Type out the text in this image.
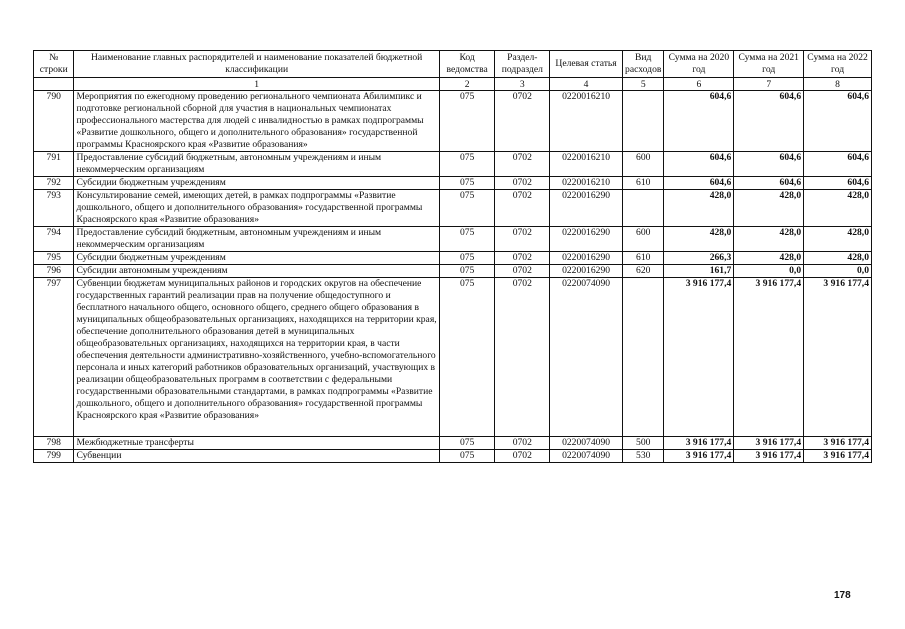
№ строки	Наименование главных распорядителей и наименование показателей бюджетной классификации	Код ведомства	Раздел- подраздел	Целевая статья	Вид расходов	Сумма на 2020 год	Сумма на 2021 год	Сумма на 2022 год
	1	2	3	4	5	6	7	8
790	Мероприятия по ежегодному проведению регионального чемпионата Абилимпикс и подготовке региональной сборной для участия в национальных чемпионатах профессионального мастерства для людей с инвалидностью в рамках подпрограммы «Развитие дошкольного, общего и дополнительного образования» государственной программы Красноярского края «Развитие образования»	075	0702	0220016210		604,6	604,6	604,6
791	Предоставление субсидий бюджетным, автономным учреждениям и иным некоммерческим организациям	075	0702	0220016210	600	604,6	604,6	604,6
792	Субсидии бюджетным учреждениям	075	0702	0220016210	610	604,6	604,6	604,6
793	Консультирование семей, имеющих детей, в рамках подпрограммы «Развитие дошкольного, общего и дополнительного образования» государственной программы Красноярского края «Развитие образования»	075	0702	0220016290		428,0	428,0	428,0
794	Предоставление субсидий бюджетным, автономным учреждениям и иным некоммерческим организациям	075	0702	0220016290	600	428,0	428,0	428,0
795	Субсидии бюджетным учреждениям	075	0702	0220016290	610	266,3	428,0	428,0
796	Субсидии автономным учреждениям	075	0702	0220016290	620	161,7	0,0	0,0
797	Субвенции бюджетам муниципальных районов и городских округов на обеспечение государственных гарантий реализации прав на получение общедоступного и бесплатного начального общего, основного общего, среднего общего образования в муниципальных общеобразовательных организациях, находящихся на территории края, обеспечение дополнительного образования детей в муниципальных общеобразовательных организациях, находящихся на территории края, в части обеспечения деятельности административно-хозяйственного, учебно-вспомогательного персонала и иных категорий работников образовательных организаций, участвующих в реализации общеобразовательных программ в соответствии с федеральными государственными образовательными стандартами, в рамках подпрограммы «Развитие дошкольного, общего и дополнительного образования» государственной программы Красноярского края «Развитие образования»	075	0702	0220074090		3 916 177,4	3 916 177,4	3 916 177,4
798	Межбюджетные трансферты	075	0702	0220074090	500	3 916 177,4	3 916 177,4	3 916 177,4
799	Субвенции	075	0702	0220074090	530	3 916 177,4	3 916 177,4	3 916 177,4
178
